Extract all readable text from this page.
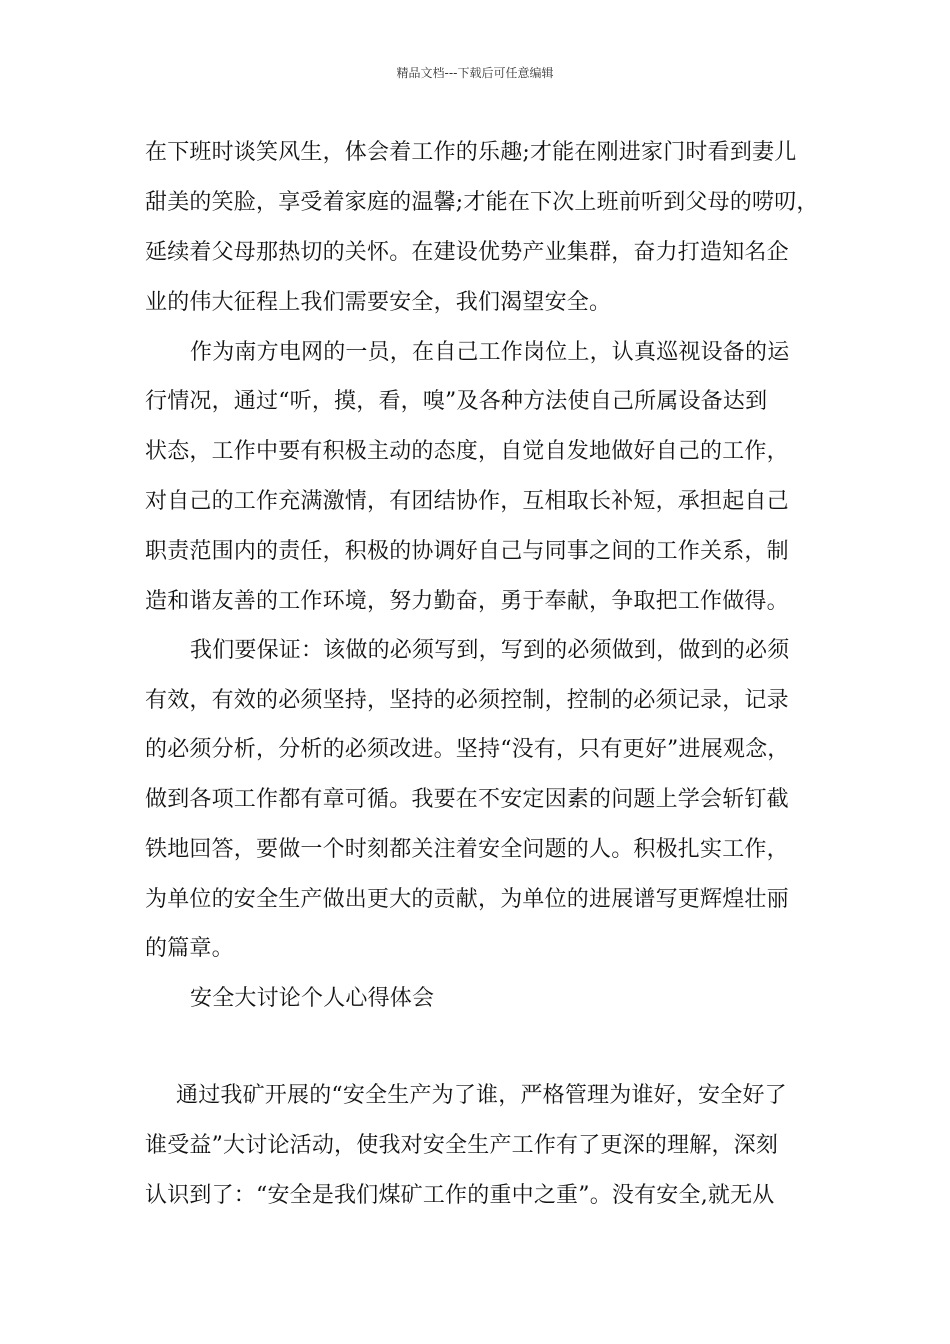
精品文档---下载后可任意编辑
在下班时谈笑风生，体会着工作的乐趣;才能在刚进家门时看到妻儿
甜美的笑脸，享受着家庭的温馨;才能在下次上班前听到父母的唠叨，
延续着父母那热切的关怀。在建设优势产业集群，奋力打造知名企
业的伟大征程上我们需要安全，我们渴望安全。
作为南方电网的一员，在自己工作岗位上，认真巡视设备的运
行情况，通过“听，摸，看，嗅”及各种方法使自己所属设备达到
状态，工作中要有积极主动的态度，自觉自发地做好自己的工作，
对自己的工作充满激情，有团结协作，互相取长补短，承担起自己
职责范围内的责任，积极的协调好自己与同事之间的工作关系，制
造和谐友善的工作环境，努力勤奋，勇于奉献，争取把工作做得。
我们要保证：该做的必须写到，写到的必须做到，做到的必须
有效，有效的必须坚持，坚持的必须控制，控制的必须记录，记录
的必须分析，分析的必须改进。坚持“没有，只有更好”进展观念，
做到各项工作都有章可循。我要在不安定因素的问题上学会斩钉截
铁地回答，要做一个时刻都关注着安全问题的人。积极扎实工作，
为单位的安全生产做出更大的贡献，为单位的进展谱写更辉煌壮丽
的篇章。
安全大讨论个人心得体会
通过我矿开展的“安全生产为了谁，严格管理为谁好，安全好了
谁受益”大讨论活动，使我对安全生产工作有了更深的理解，深刻
认识到了：“安全是我们煤矿工作的重中之重”。没有安全,就无从
